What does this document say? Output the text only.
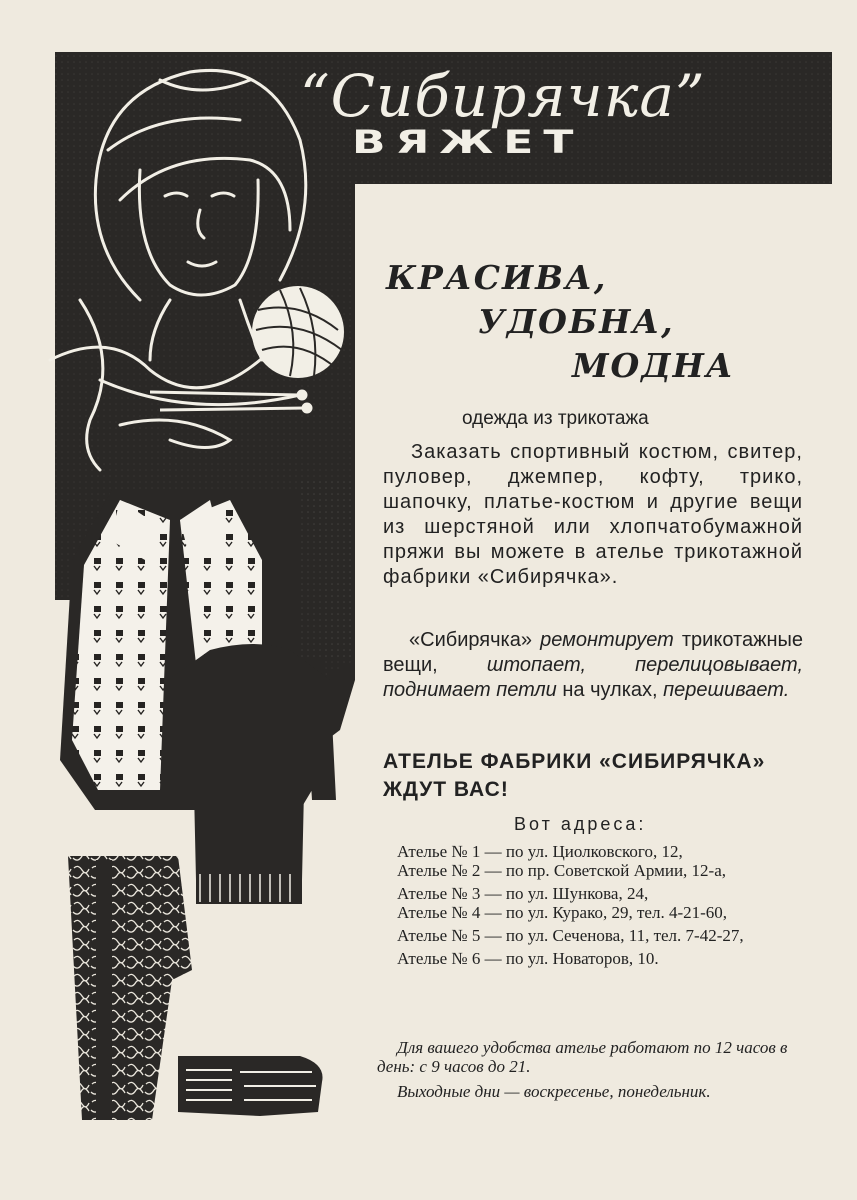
“Сибирячка”
ВЯЖЕТ
КРАСИВА,
УДОБНА,
МОДНА
одежда из трикотажа
Заказать спортивный костюм, свитер, пуловер, джемпер, кофту, трико, шапочку, платье-костюм и другие вещи из шерстяной или хлопчатобумажной пряжи вы можете в ателье трикотажной фабрики «Сибирячка».
«Сибирячка» ремонтирует трикотажные вещи, штопает, перелицовывает, поднимает петли на чулках, перешивает.
АТЕЛЬЕ ФАБРИКИ «СИБИРЯЧКА» ЖДУТ ВАС!
Вот адреса:
Ателье № 1 — по ул. Циолковского, 12,
Ателье № 2 — по пр. Советской Армии, 12-а,
Ателье № 3 — по ул. Шункова, 24,
Ателье № 4 — по ул. Курако, 29, тел. 4-21-60,
Ателье № 5 — по ул. Сеченова, 11, тел. 7-42-27,
Ателье № 6 — по ул. Новаторов, 10.
Для вашего удобства ателье работают по 12 часов в день: с 9 часов до 21.
Выходные дни — воскресенье, понедельник.
